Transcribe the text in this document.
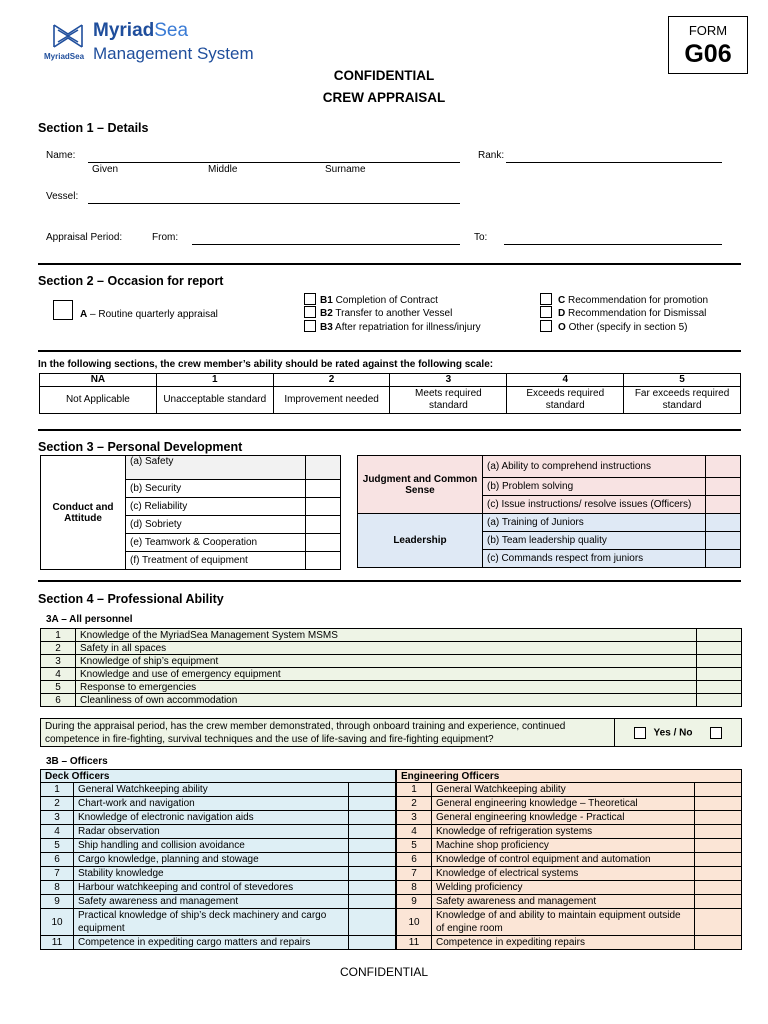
MyriadSea
MyriadSea
Management System
FORM
G06
CONFIDENTIAL
CREW APPRAISAL
Section 1 – Details
Name:
Given	Middle	Surname
Rank:
Vessel:
Appraisal Period:	From:	To:
Section 2 – Occasion for report
A – Routine quarterly appraisal
B1 Completion of Contract
B2 Transfer to another Vessel
B3 After repatriation for illness/injury
C Recommendation for promotion
D Recommendation for Dismissal
O Other (specify in section 5)
In the following sections, the crew member’s ability should be rated against the following scale:
NA	1	2	3	4	5
Not Applicable	Unacceptable standard	Improvement needed	Meets required standard	Exceeds required standard	Far exceeds required standard
Section 3 – Personal Development
Conduct and Attitude	(a) Safety	
	(b) Security	
	(c) Reliability	
	(d) Sobriety	
	(e) Teamwork & Cooperation	
	(f) Treatment of equipment	
Judgment and Common Sense	(a) Ability to comprehend instructions	
	(b) Problem solving	
	(c) Issue instructions/ resolve issues (Officers)	
Leadership	(a) Training of Juniors	
	(b) Team leadership quality	
	(c) Commands respect from juniors	
Section 4 – Professional Ability
3A – All personnel
1	Knowledge of the MyriadSea Management System MSMS	
2	Safety in all spaces	
3	Knowledge of ship’s equipment	
4	Knowledge and use of emergency equipment	
5	Response to emergencies	
6	Cleanliness of own accommodation	
During the appraisal period, has the crew member demonstrated, through onboard training and experience, continued competence in fire-fighting, survival techniques and the use of life-saving and fire-fighting equipment?	Yes / No
3B – Officers
Deck Officers		
1	General Watchkeeping ability	
2	Chart-work and navigation	
3	Knowledge of electronic navigation aids	
4	Radar observation	
5	Ship handling and collision avoidance	
6	Cargo knowledge, planning and stowage	
7	Stability knowledge	
8	Harbour watchkeeping and control of stevedores	
9	Safety awareness and management	
10	Practical knowledge of ship’s deck machinery and cargo equipment	
11	Competence in expediting cargo matters and repairs	
Engineering Officers		
1	General Watchkeeping ability	
2	General engineering knowledge – Theoretical	
3	General engineering knowledge - Practical	
4	Knowledge of refrigeration systems	
5	Machine shop proficiency	
6	Knowledge of control equipment and automation	
7	Knowledge of electrical systems	
8	Welding proficiency	
9	Safety awareness and management	
10	Knowledge of and ability to maintain equipment outside of engine room	
11	Competence in expediting repairs	
CONFIDENTIAL
